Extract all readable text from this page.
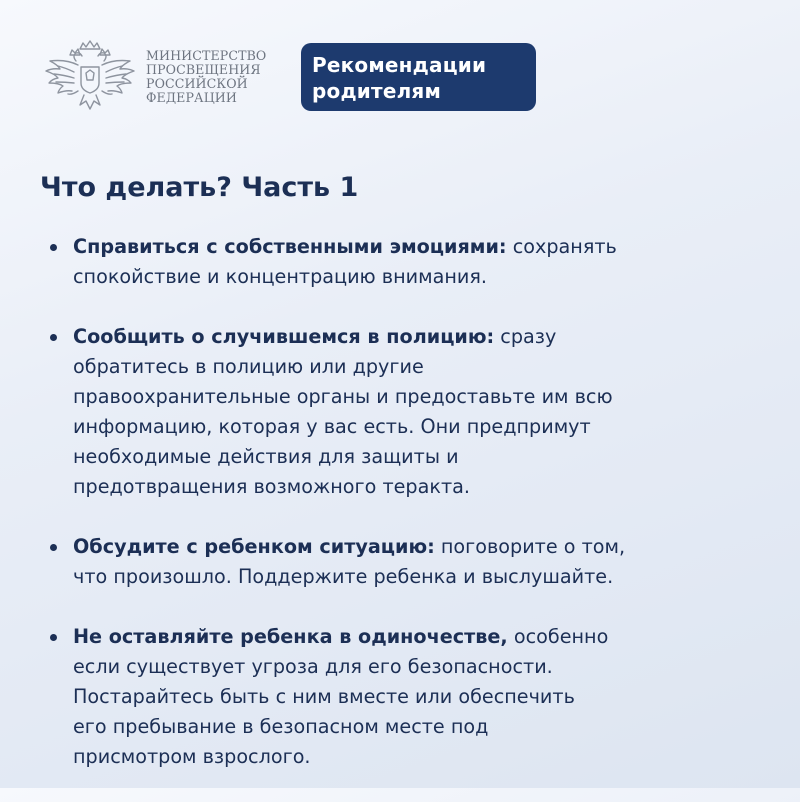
МИНИСТЕРСТВО
ПРОСВЕЩЕНИЯ
РОССИЙСКОЙ
ФЕДЕРАЦИИ
Рекомендации
родителям
Что делать? Часть 1
Справиться с собственными эмоциями: сохранять
спокойствие и концентрацию внимания.
Сообщить о случившемся в полицию: сразу
обратитесь в полицию или другие
правоохранительные органы и предоставьте им всю
информацию, которая у вас есть. Они предпримут
необходимые действия для защиты и
предотвращения возможного теракта.
Обсудите с ребенком ситуацию: поговорите о том,
что произошло. Поддержите ребенка и выслушайте.
Не оставляйте ребенка в одиночестве, особенно
если существует угроза для его безопасности.
Постарайтесь быть с ним вместе или обеспечить
его пребывание в безопасном месте под
присмотром взрослого.
